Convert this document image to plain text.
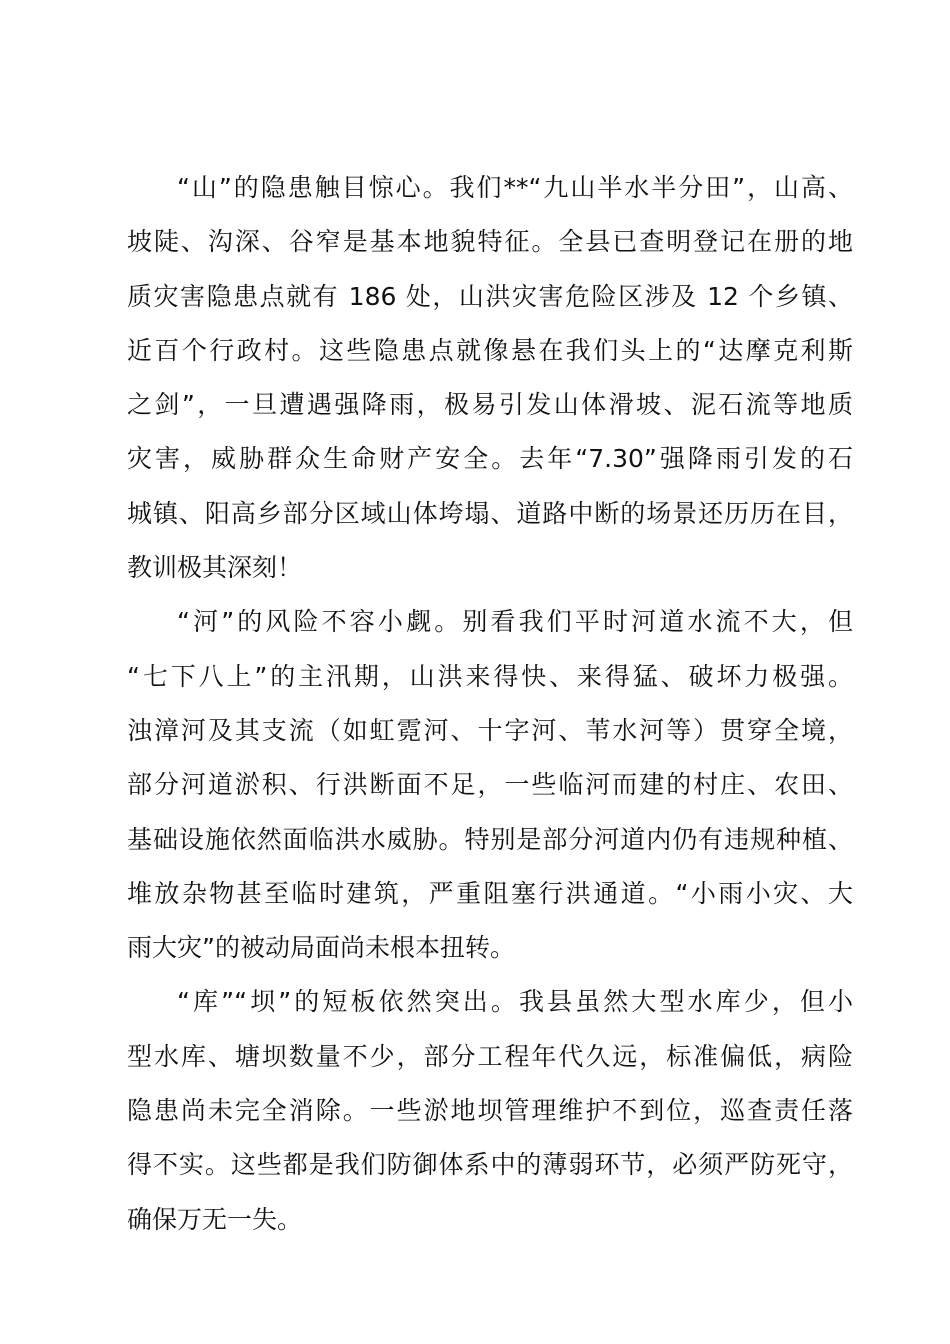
“山”的隐患触目惊心。我们**“九山半水半分田”，山高、
坡陡、沟深、谷窄是基本地貌特征。全县已查明登记在册的地
质灾害隐患点就有 186 处，山洪灾害危险区涉及 12 个乡镇、
近百个行政村。这些隐患点就像悬在我们头上的“达摩克利斯
之剑”，一旦遭遇强降雨，极易引发山体滑坡、泥石流等地质
灾害，威胁群众生命财产安全。去年“7.30”强降雨引发的石
城镇、阳高乡部分区域山体垮塌、道路中断的场景还历历在目，
教训极其深刻！
“河”的风险不容小觑。别看我们平时河道水流不大，但
“七下八上”的主汛期，山洪来得快、来得猛、破坏力极强。
浊漳河及其支流（如虹霓河、十字河、苇水河等）贯穿全境，
部分河道淤积、行洪断面不足，一些临河而建的村庄、农田、
基础设施依然面临洪水威胁。特别是部分河道内仍有违规种植、
堆放杂物甚至临时建筑，严重阻塞行洪通道。“小雨小灾、大
雨大灾”的被动局面尚未根本扭转。
“库”“坝”的短板依然突出。我县虽然大型水库少，但小
型水库、塘坝数量不少，部分工程年代久远，标准偏低，病险
隐患尚未完全消除。一些淤地坝管理维护不到位，巡查责任落
得不实。这些都是我们防御体系中的薄弱环节，必须严防死守，
确保万无一失。
